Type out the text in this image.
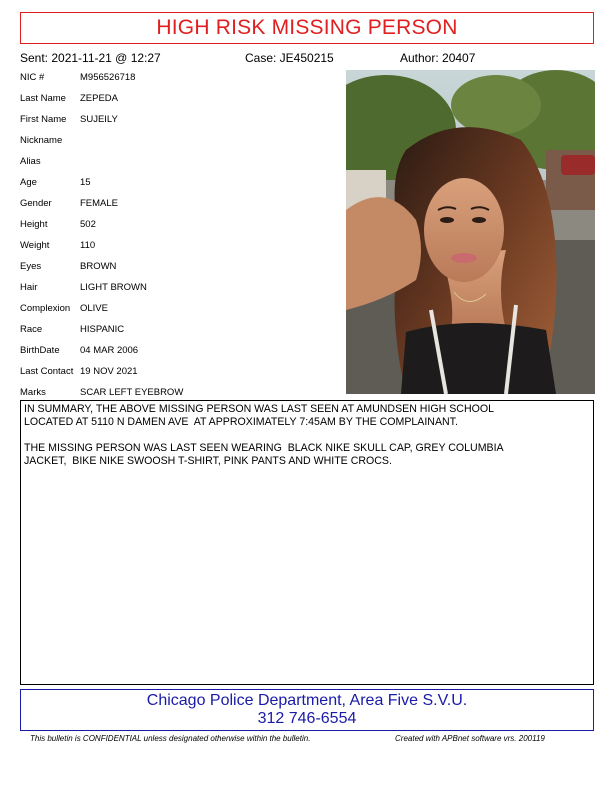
HIGH RISK MISSING PERSON
Sent: 2021-11-21 @ 12:27	Case: JE450215	Author: 20407
NIC #	M956526718
Last Name ZEPEDA
First Name SUJEILY
Nickname
Alias
Age	15
Gender	FEMALE
Height	502
Weight	110
Eyes	BROWN
Hair	LIGHT BROWN
Complexion OLIVE
Race	HISPANIC
BirthDate 04 MAR 2006
Last Contact 19 NOV 2021
Marks	SCAR LEFT EYEBROW

IN SUMMARY, THE ABOVE MISSING PERSON WAS LAST SEEN AT AMUNDSEN HIGH SCHOOL
LOCATED AT 5110 N DAMEN AVE  AT APPROXIMATELY 7:45AM BY THE COMPLAINANT.

THE MISSING PERSON WAS LAST SEEN WEARING  BLACK NIKE SKULL CAP, GREY COLUMBIA
JACKET,  BIKE NIKE SWOOSH T-SHIRT, PINK PANTS AND WHITE CROCS.

Chicago Police Department, Area Five S.V.U.
312 746-6554
This bulletin is CONFIDENTIAL unless designated otherwise within the bulletin.	Created with APBnet software vrs. 200119
